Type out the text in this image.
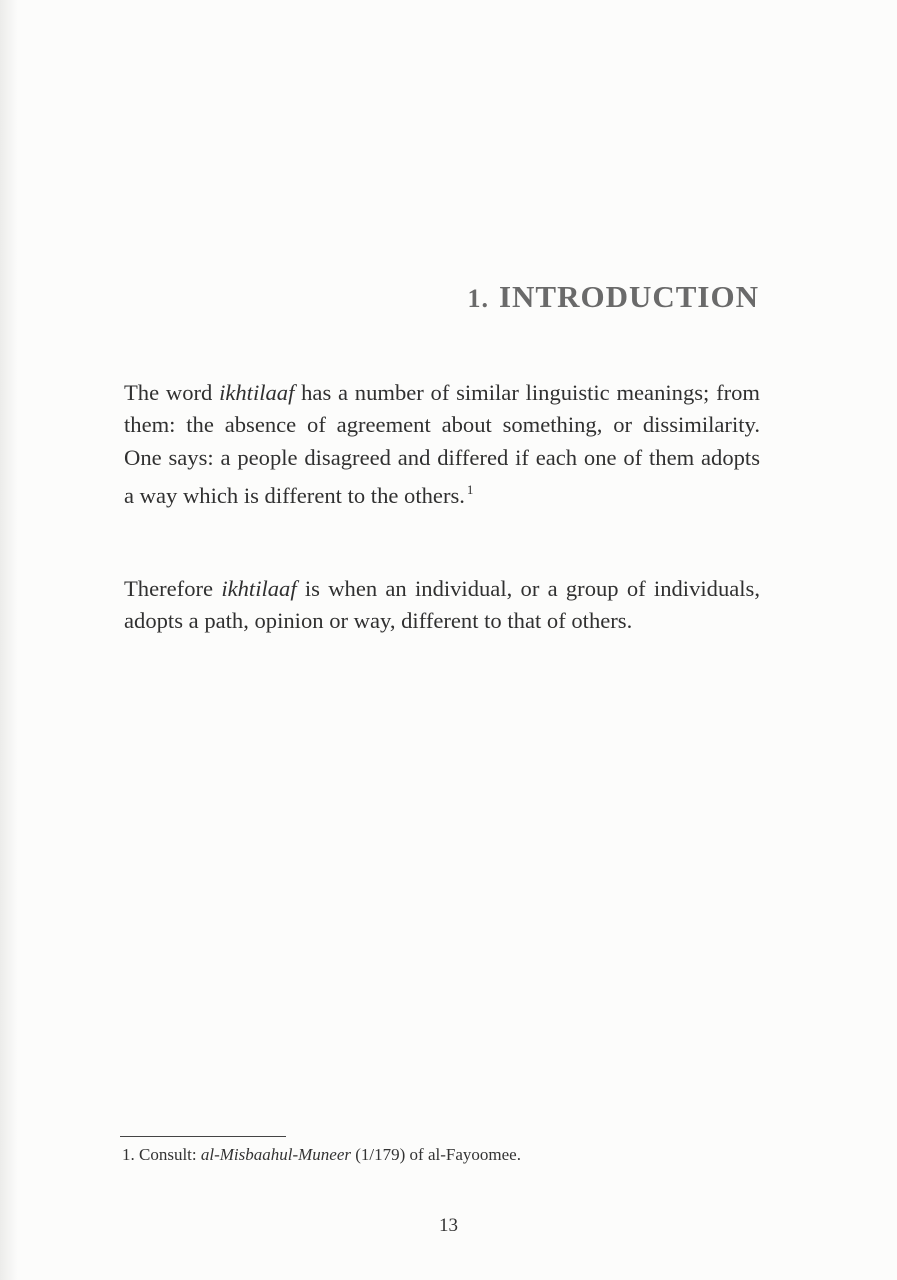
1. INTRODUCTION

The word ikhtilaaf has a number of similar linguistic meanings; from them: the absence of agreement about something, or dissimilarity. One says: a people disagreed and differed if each one of them adopts a way which is different to the others. $^1$

Therefore ikhtilaaf is when an individual, or a group of individuals, adopts a path, opinion or way, different to that of others.

1. Consult: al-Misbaahul-Muneer (1/179) of al-Fayoomee.

13
